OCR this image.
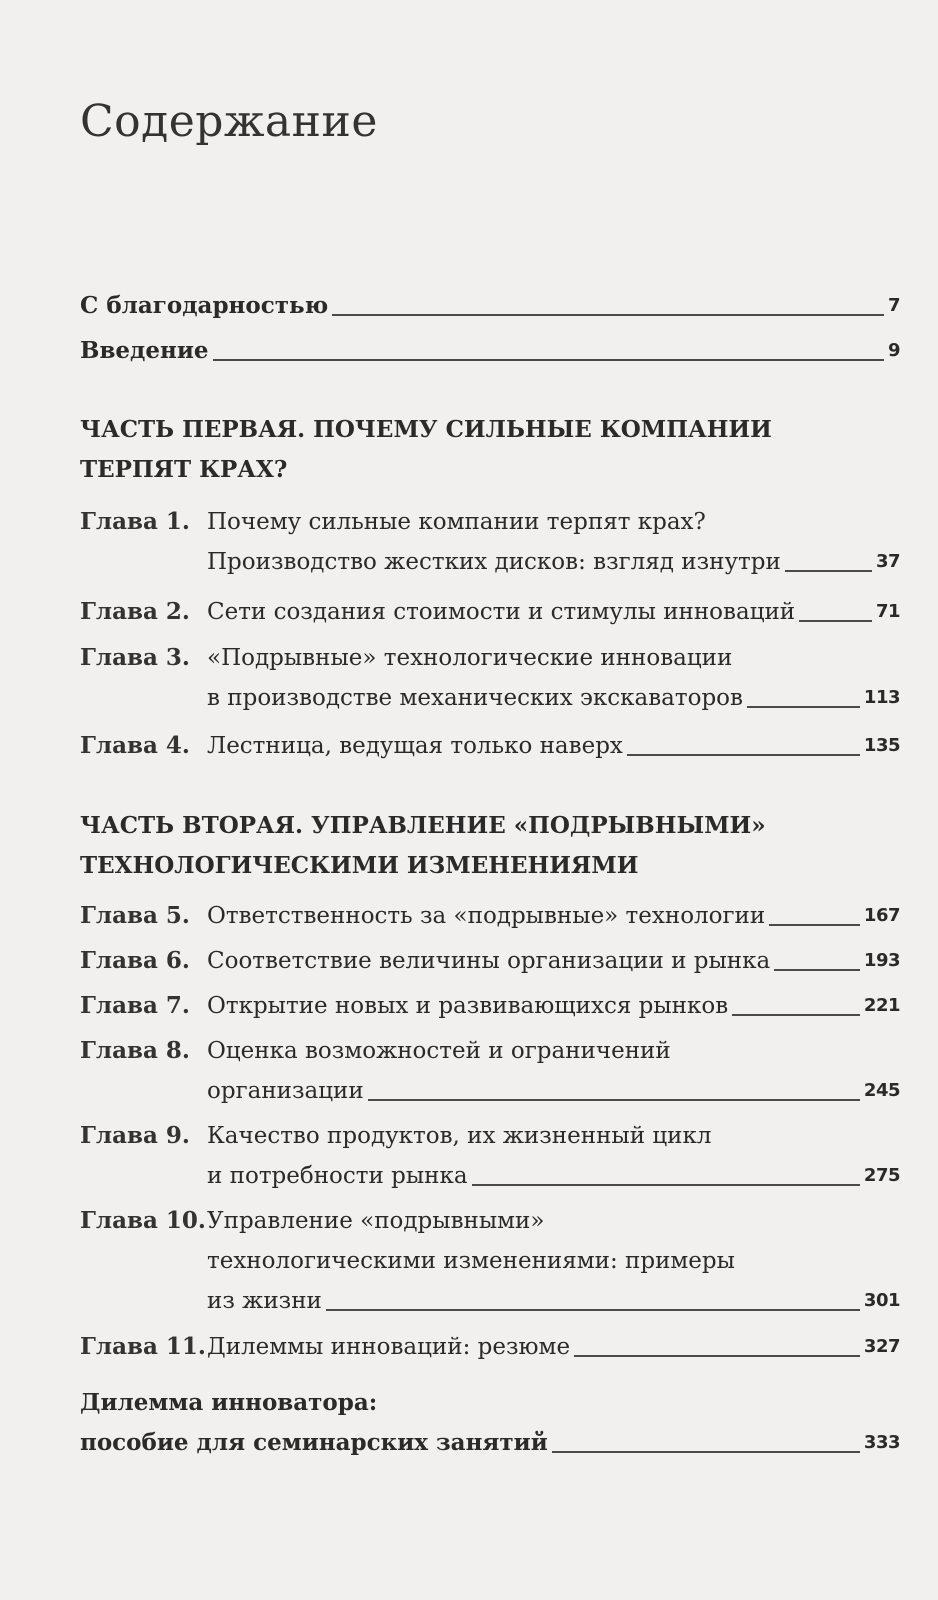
Содержание
С благодарностью	7
Введение	9
ЧАСТЬ ПЕРВАЯ. ПОЧЕМУ СИЛЬНЫЕ КОМПАНИИ
ТЕРПЯТ КРАХ?
Глава 1. Почему сильные компании терпят крах?
Производство жестких дисков: взгляд изнутри	37
Глава 2. Сети создания стоимости и стимулы инноваций	71
Глава 3. «Подрывные» технологические инновации
в производстве механических экскаваторов	113
Глава 4. Лестница, ведущая только наверх	135
ЧАСТЬ ВТОРАЯ. УПРАВЛЕНИЕ «ПОДРЫВНЫМИ»
ТЕХНОЛОГИЧЕСКИМИ ИЗМЕНЕНИЯМИ
Глава 5. Ответственность за «подрывные» технологии	167
Глава 6. Соответствие величины организации и рынка	193
Глава 7. Открытие новых и развивающихся рынков	221
Глава 8. Оценка возможностей и ограничений
организации	245
Глава 9. Качество продуктов, их жизненный цикл
и потребности рынка	275
Глава 10. Управление «подрывными»
технологическими изменениями: примеры
из жизни	301
Глава 11. Дилеммы инноваций: резюме	327
Дилемма инноватора:
пособие для семинарских занятий	333
